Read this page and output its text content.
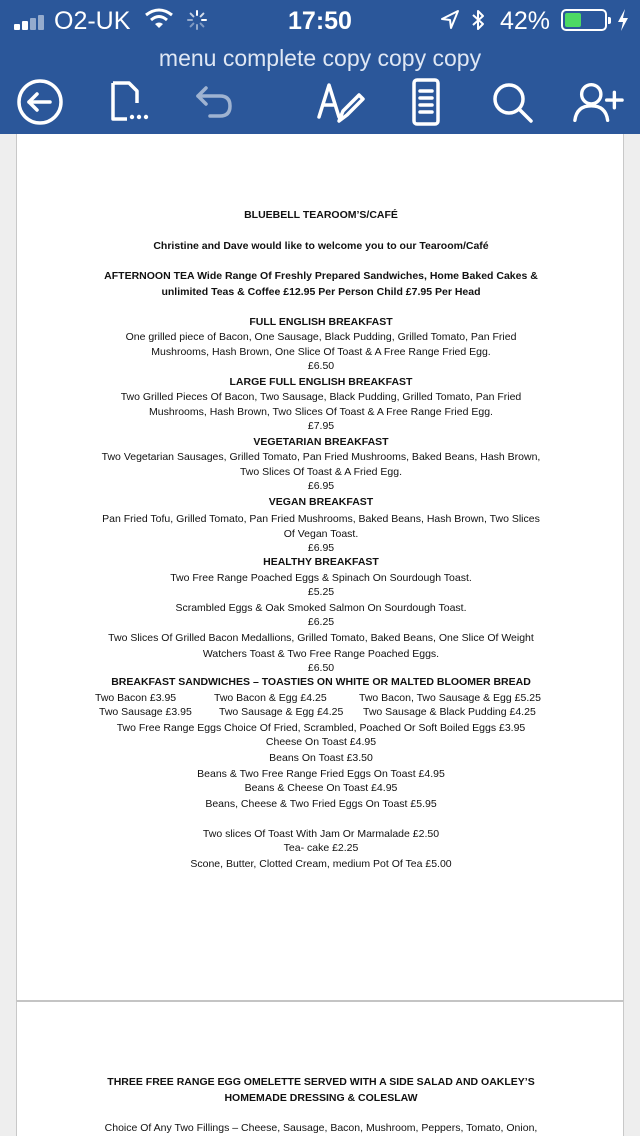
O2-UK	17:50	42%
menu complete copy copy copy
BLUEBELL TEAROOM’S/CAFÉ
Christine and Dave would like to welcome you to our Tearoom/Café
AFTERNOON TEA Wide Range Of Freshly Prepared Sandwiches, Home Baked Cakes &
unlimited Teas & Coffee £12.95 Per Person Child £7.95 Per Head
FULL ENGLISH BREAKFAST
One grilled piece of Bacon, One Sausage, Black Pudding, Grilled Tomato, Pan Fried
Mushrooms, Hash Brown, One Slice Of Toast & A Free Range Fried Egg.
£6.50
LARGE FULL ENGLISH BREAKFAST
Two Grilled Pieces Of Bacon, Two Sausage, Black Pudding, Grilled Tomato, Pan Fried
Mushrooms, Hash Brown, Two Slices Of Toast & A Free Range Fried Egg.
£7.95
VEGETARIAN BREAKFAST
Two Vegetarian Sausages, Grilled Tomato, Pan Fried Mushrooms, Baked Beans, Hash Brown,
Two Slices Of Toast & A Fried Egg.
£6.95
VEGAN BREAKFAST
Pan Fried Tofu, Grilled Tomato, Pan Fried Mushrooms, Baked Beans, Hash Brown, Two Slices
Of Vegan Toast.
£6.95
HEALTHY BREAKFAST
Two Free Range Poached Eggs & Spinach On Sourdough Toast.
£5.25
Scrambled Eggs & Oak Smoked Salmon On Sourdough Toast.
£6.25
Two Slices Of Grilled Bacon Medallions, Grilled Tomato, Baked Beans, One Slice Of Weight
Watchers Toast & Two Free Range Poached Eggs.
£6.50
BREAKFAST SANDWICHES – TOASTIES ON WHITE OR MALTED BLOOMER BREAD
Two Bacon £3.95	Two Bacon & Egg £4.25	Two Bacon, Two Sausage & Egg £5.25
Two Sausage £3.95	Two Sausage & Egg £4.25 Two Sausage & Black Pudding £4.25
Two Free Range Eggs Choice Of Fried, Scrambled, Poached Or Soft Boiled Eggs £3.95
Cheese On Toast £4.95
Beans On Toast £3.50
Beans & Two Free Range Fried Eggs On Toast £4.95
Beans & Cheese On Toast £4.95
Beans, Cheese & Two Fried Eggs On Toast £5.95
Two slices Of Toast With Jam Or Marmalade £2.50
Tea- cake £2.25
Scone, Butter, Clotted Cream, medium Pot Of Tea £5.00
THREE FREE RANGE EGG OMELETTE SERVED WITH A SIDE SALAD AND OAKLEY’S
HOMEMADE DRESSING & COLESLAW
Choice Of Any Two Fillings – Cheese, Sausage, Bacon, Mushroom, Peppers, Tomato, Onion,
